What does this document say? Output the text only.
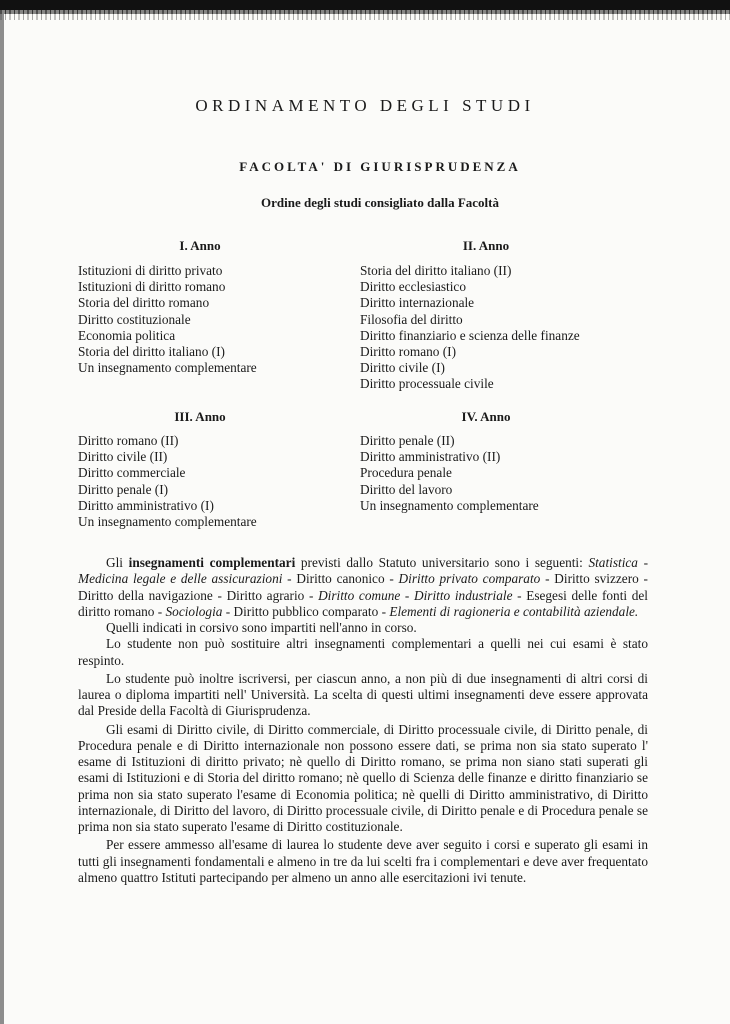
ORDINAMENTO DEGLI STUDI
FACOLTA' DI GIURISPRUDENZA
Ordine degli studi consigliato dalla Facoltà
I. Anno
Istituzioni di diritto privato
Istituzioni di diritto romano
Storia del diritto romano
Diritto costituzionale
Economia politica
Storia del diritto italiano (I)
Un insegnamento complementare
II. Anno
Storia del diritto italiano (II)
Diritto ecclesiastico
Diritto internazionale
Filosofia del diritto
Diritto finanziario e scienza delle finanze
Diritto romano (I)
Diritto civile (I)
Diritto processuale civile
III. Anno
Diritto romano (II)
Diritto civile (II)
Diritto commerciale
Diritto penale (I)
Diritto amministrativo (I)
Un insegnamento complementare
IV. Anno
Diritto penale (II)
Diritto amministrativo (II)
Procedura penale
Diritto del lavoro
Un insegnamento complementare

Gli insegnamenti complementari previsti dallo Statuto universitario sono i seguenti: Statistica - Medicina legale e delle assicurazioni - Diritto canonico - Diritto privato comparato - Diritto svizzero - Diritto della navigazione - Diritto agrario - Diritto comune - Diritto industriale - Esegesi delle fonti del diritto romano - Sociologia - Diritto pubblico comparato - Elementi di ragioneria e contabilità aziendale.

Quelli indicati in corsivo sono impartiti nell'anno in corso.

Lo studente non può sostituire altri insegnamenti complementari a quelli nei cui esami è stato respinto.

Lo studente può inoltre iscriversi, per ciascun anno, a non più di due insegnamenti di altri corsi di laurea o diploma impartiti nell' Università. La scelta di questi ultimi insegnamenti deve essere approvata dal Preside della Facoltà di Giurisprudenza.

Gli esami di Diritto civile, di Diritto commerciale, di Diritto processuale civile, di Diritto penale, di Procedura penale e di Diritto internazionale non possono essere dati, se prima non sia stato superato l' esame di Istituzioni di diritto privato; nè quello di Diritto romano, se prima non siano stati superati gli esami di Istituzioni e di Storia del diritto romano; nè quello di Scienza delle finanze e diritto finanziario se prima non sia stato superato l'esame di Economia politica; nè quelli di Diritto amministrativo, di Diritto internazionale, di Diritto del lavoro, di Diritto processuale civile, di Diritto penale e di Procedura penale se prima non sia stato superato l'esame di Diritto costituzionale.

Per essere ammesso all'esame di laurea lo studente deve aver seguito i corsi e superato gli esami in tutti gli insegnamenti fondamentali e almeno in tre da lui scelti fra i complementari e deve aver frequentato almeno quattro Istituti partecipando per almeno un anno alle esercitazioni ivi tenute.
